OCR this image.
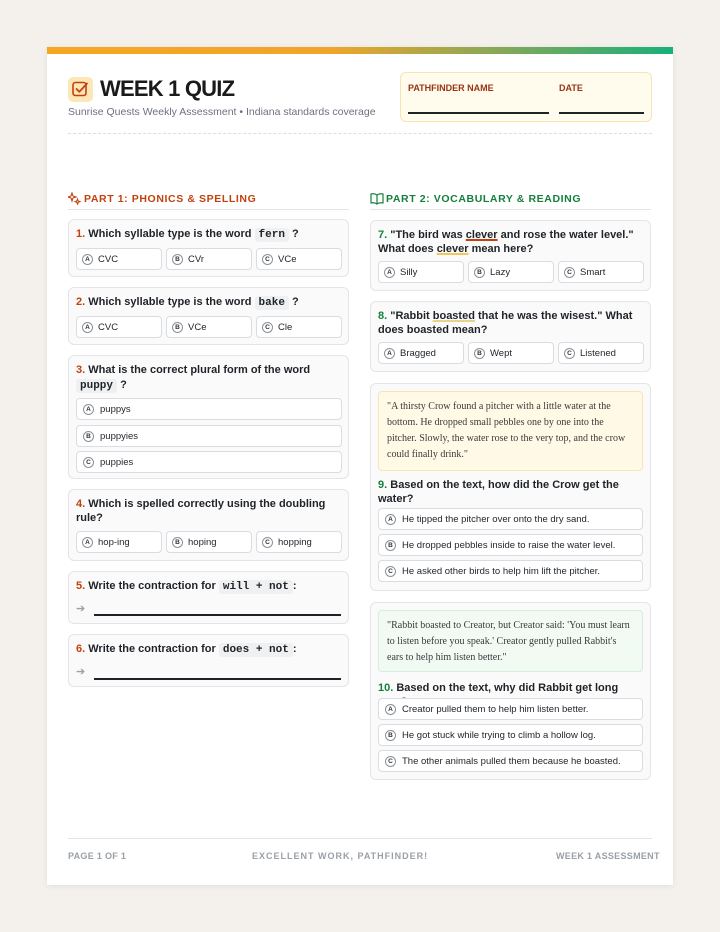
WEEK 1 QUIZ
Sunrise Quests Weekly Assessment • Indiana standards coverage
PATHFINDER NAME	DATE
PART 1: PHONICS & SPELLING
1. Which syllable type is the word fern ?
A CVC	B CVr	C VCe
2. Which syllable type is the word bake ?
A CVC	B VCe	C Cle
3. What is the correct plural form of the word puppy ?
A puppys
B puppyies
C puppies
4. Which is spelled correctly using the doubling rule?
A hop-ing	B hoping	C hopping
5. Write the contraction for will + not :
➔
6. Write the contraction for does + not :
➔
PART 2: VOCABULARY & READING
7. "The bird was clever and rose the water level." What does clever mean here?
A Silly	B Lazy	C Smart
8. "Rabbit boasted that he was the wisest." What does boasted mean?
A Bragged	B Wept	C Listened
"A thirsty Crow found a pitcher with a little water at the bottom. He dropped small pebbles one by one into the pitcher. Slowly, the water rose to the very top, and the crow could finally drink."
9. Based on the text, how did the Crow get the water?
A He tipped the pitcher over onto the dry sand.
B He dropped pebbles inside to raise the water level.
C He asked other birds to help him lift the pitcher.
"Rabbit boasted to Creator, but Creator said: 'You must learn to listen before you speak.' Creator gently pulled Rabbit's ears to help him listen better."
10. Based on the text, why did Rabbit get long
A Creator pulled them to help him listen better.
B He got stuck while trying to climb a hollow log.
C The other animals pulled them because he boasted.
PAGE 1 OF 1	EXCELLENT WORK, PATHFINDER!	WEEK 1 ASSESSMENT
